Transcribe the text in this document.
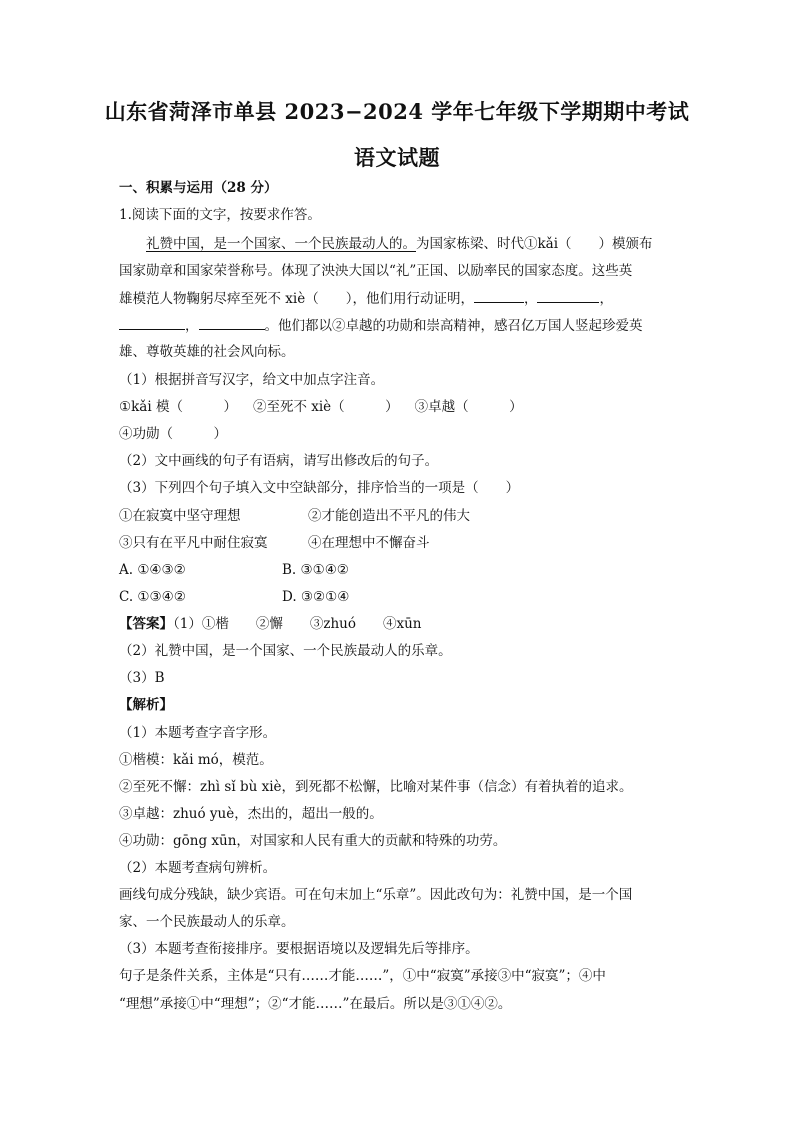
山东省菏泽市单县 2023−2024 学年七年级下学期期中考试
语文试题
一、积累与运用（28 分）
1.阅读下面的文字，按要求作答。
礼赞中国，是一个国家、一个民族最动人的。为国家栋梁、时代①kǎi（　　）模颁布
国家勋章和国家荣誉称号。体现了泱泱大国以“礼”正国、以励率民的国家态度。这些英
雄模范人物鞠躬尽瘁至死不 xiè（　　），他们用行动证明，	，	，
，	。他们都以②卓越的功勋和崇高精神，感召亿万国人竖起珍爱英
雄、尊敬英雄的社会风向标。
（1）根据拼音写汉字，给文中加点字注音。
①kǎi 模（　　　） ②至死不 xiè（　　　） ③卓越（　　　）
④功勋（　　　）
（2）文中画线的句子有语病，请写出修改后的句子。
（3）下列四个句子填入文中空缺部分，排序恰当的一项是（　　）
①在寂寞中坚守理想	②才能创造出不平凡的伟大
③只有在平凡中耐住寂寞	④在理想中不懈奋斗
A. ①④③②	B. ③①④②
C. ①③④②	D. ③②①④
【答案】（1）①楷　　②懈　　③zhuó　　④xūn
（2）礼赞中国，是一个国家、一个民族最动人的乐章。
（3）B
【解析】
（1）本题考查字音字形。
①楷模：kǎi mó，模范。
②至死不懈：zhì sǐ bù xiè，到死都不松懈，比喻对某件事（信念）有着执着的追求。
③卓越：zhuó yuè，杰出的，超出一般的。
④功勋：gōng xūn，对国家和人民有重大的贡献和特殊的功劳。
（2）本题考查病句辨析。
画线句成分残缺，缺少宾语。可在句末加上“乐章”。因此改句为：礼赞中国，是一个国
家、一个民族最动人的乐章。
（3）本题考查衔接排序。要根据语境以及逻辑先后等排序。
句子是条件关系，主体是“只有……才能……”，①中“寂寞”承接③中“寂寞”；④中
“理想”承接①中“理想”；②“才能……”在最后。所以是③①④②。
